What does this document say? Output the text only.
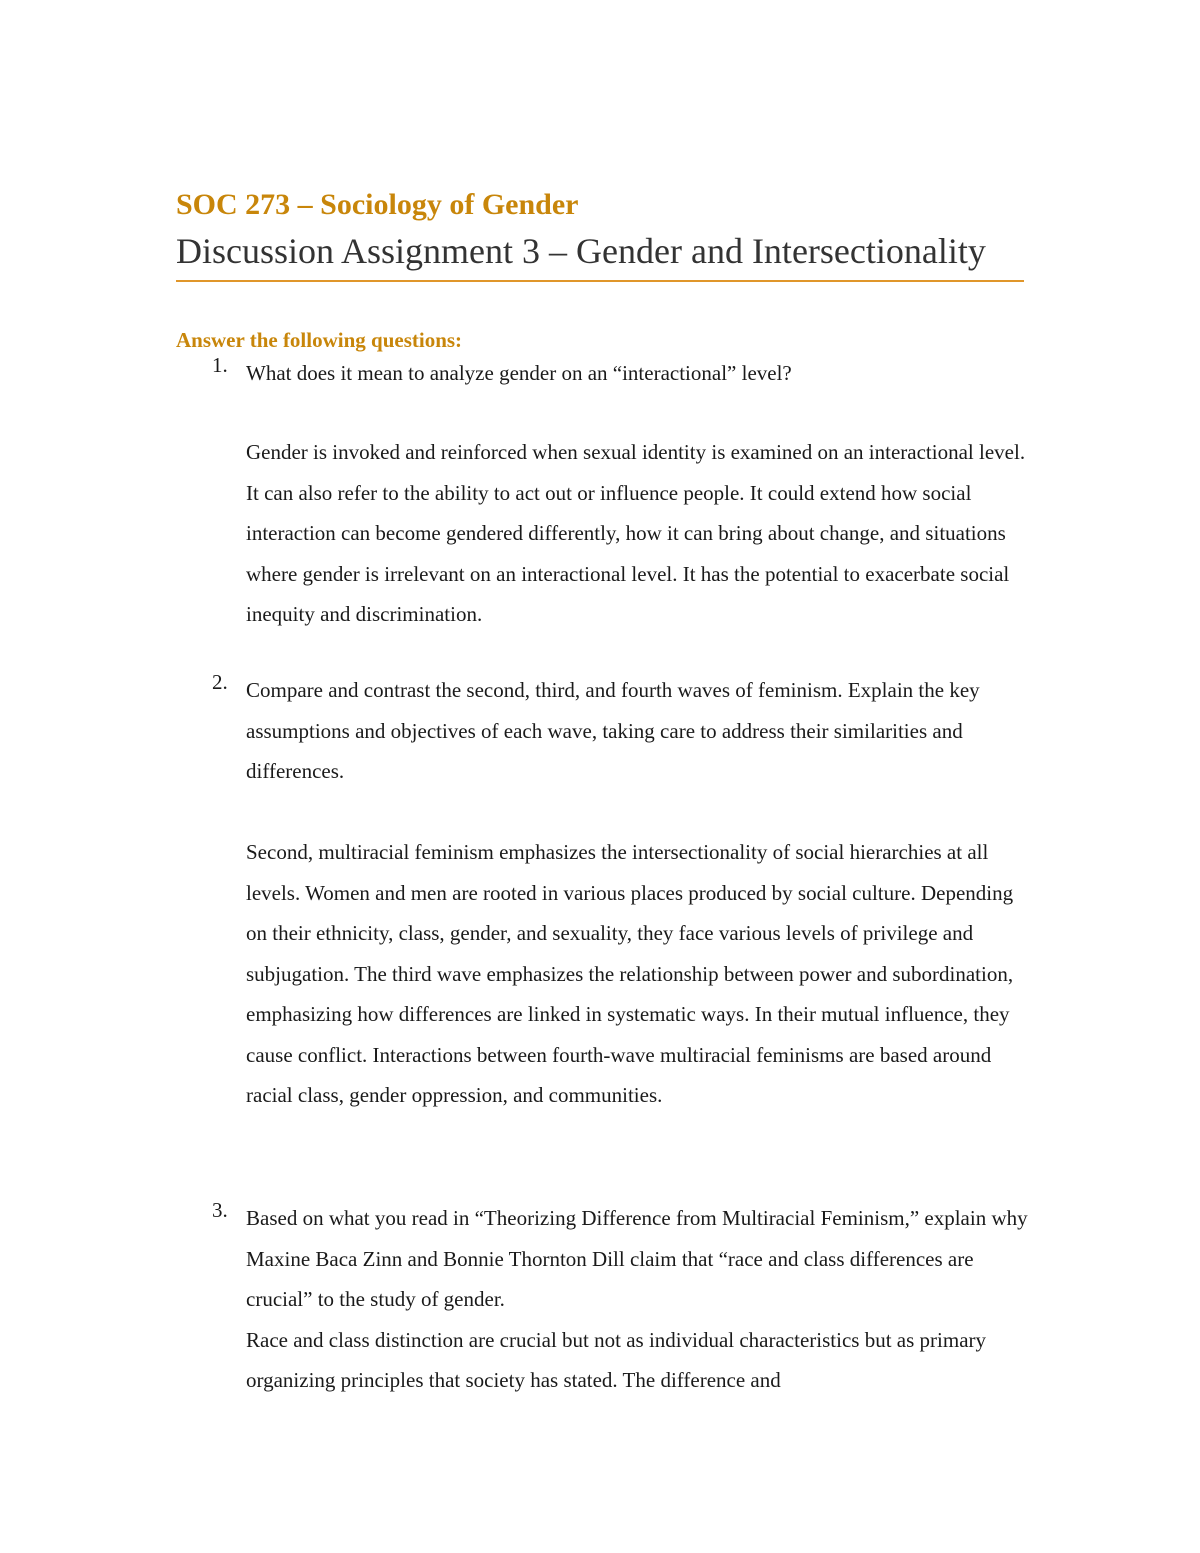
SOC 273 – Sociology of Gender
Discussion Assignment 3 – Gender and Intersectionality
Answer the following questions:
1. What does it mean to analyze gender on an “interactional” level?

Gender is invoked and reinforced when sexual identity is examined on an interactional level. It can also refer to the ability to act out or influence people. It could extend how social interaction can become gendered differently, how it can bring about change, and situations where gender is irrelevant on an interactional level. It has the potential to exacerbate social inequity and discrimination.

2. Compare and contrast the second, third, and fourth waves of feminism. Explain the key assumptions and objectives of each wave, taking care to address their similarities and differences.

Second, multiracial feminism emphasizes the intersectionality of social hierarchies at all levels. Women and men are rooted in various places produced by social culture. Depending on their ethnicity, class, gender, and sexuality, they face various levels of privilege and subjugation. The third wave emphasizes the relationship between power and subordination, emphasizing how differences are linked in systematic ways. In their mutual influence, they cause conflict. Interactions between fourth-wave multiracial feminisms are based around racial class, gender oppression, and communities.

3. Based on what you read in “Theorizing Difference from Multiracial Feminism,” explain why Maxine Baca Zinn and Bonnie Thornton Dill claim that “race and class differences are crucial” to the study of gender.

Race and class distinction are crucial but not as individual characteristics but as primary organizing principles that society has stated. The difference and
